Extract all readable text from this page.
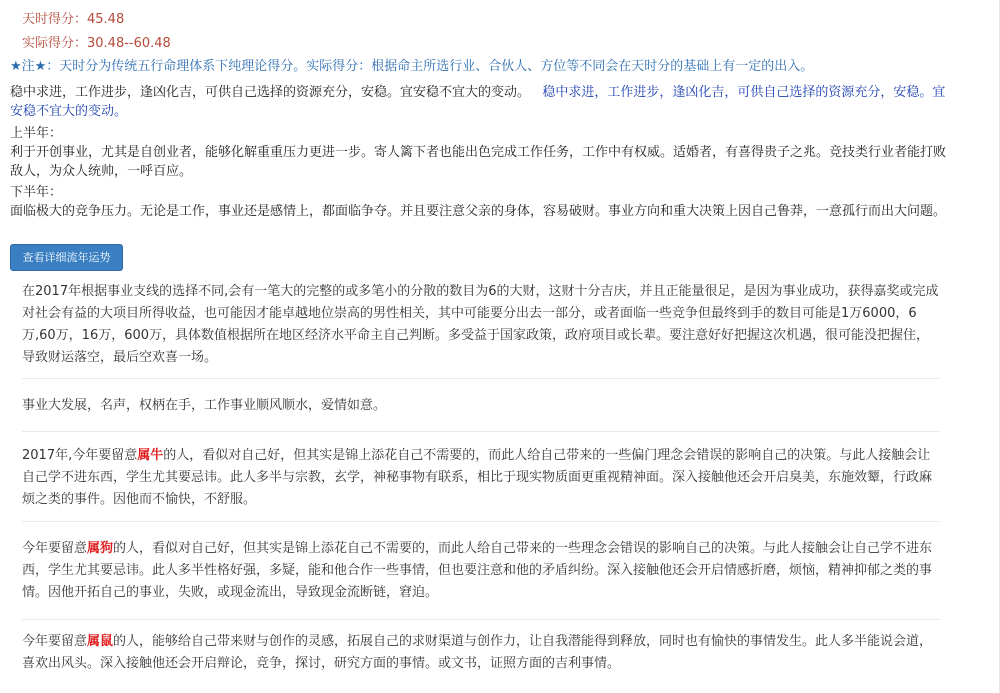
天时得分：45.48
实际得分：30.48--60.48
★注★：天时分为传统五行命理体系下纯理论得分。实际得分：根据命主所选行业、合伙人、方位等不同会在天时分的基础上有一定的出入。
稳中求进，工作进步，逢凶化吉，可供自己选择的资源充分，安稳。宜安稳不宜大的变动。 稳中求进，工作进步，逢凶化吉，可供自己选择的资源充分，安稳。宜安稳不宜大的变动。
上半年：
利于开创事业，尤其是自创业者，能够化解重重压力更进一步。寄人篱下者也能出色完成工作任务，工作中有权威。适婚者，有喜得贵子之兆。竞技类行业者能打败敌人，为众人统帅，一呼百应。
下半年：
面临极大的竞争压力。无论是工作，事业还是感情上，都面临争夺。并且要注意父亲的身体，容易破财。事业方向和重大决策上因自己鲁莽，一意孤行而出大问题。
查看详细流年运势
在2017年根据事业支线的选择不同,会有一笔大的完整的或多笔小的分散的数目为6的大财，这财十分吉庆，并且正能量很足，是因为事业成功，获得嘉奖或完成对社会有益的大项目所得收益，也可能因才能卓越地位崇高的男性相关，其中可能要分出去一部分，或者面临一些竞争但最终到手的数目可能是1万6000，6万,60万，16万，600万，具体数值根据所在地区经济水平命主自己判断。多受益于国家政策，政府项目或长辈。要注意好好把握这次机遇，很可能没把握住，导致财运落空，最后空欢喜一场。
事业大发展，名声，权柄在手，工作事业顺风顺水，爱情如意。
2017年,今年要留意属牛的人，看似对自己好，但其实是锦上添花自己不需要的，而此人给自己带来的一些偏门理念会错误的影响自己的决策。与此人接触会让自己学不进东西，学生尤其要忌讳。此人多半与宗教，玄学，神秘事物有联系，相比于现实物质面更重视精神面。深入接触他还会开启臭美，东施效颦，行政麻烦之类的事件。因他而不愉快，不舒服。
今年要留意属狗的人，看似对自己好，但其实是锦上添花自己不需要的，而此人给自己带来的一些理念会错误的影响自己的决策。与此人接触会让自己学不进东西，学生尤其要忌讳。此人多半性格好强，多疑，能和他合作一些事情，但也要注意和他的矛盾纠纷。深入接触他还会开启情感折磨，烦恼，精神抑郁之类的事情。因他开拓自己的事业，失败，或现金流出，导致现金流断链，窘迫。
今年要留意属鼠的人，能够给自己带来财与创作的灵感，拓展自己的求财渠道与创作力，让自我潜能得到释放，同时也有愉快的事情发生。此人多半能说会道，喜欢出风头。深入接触他还会开启辩论，竞争，探讨，研究方面的事情。或文书，证照方面的吉利事情。
